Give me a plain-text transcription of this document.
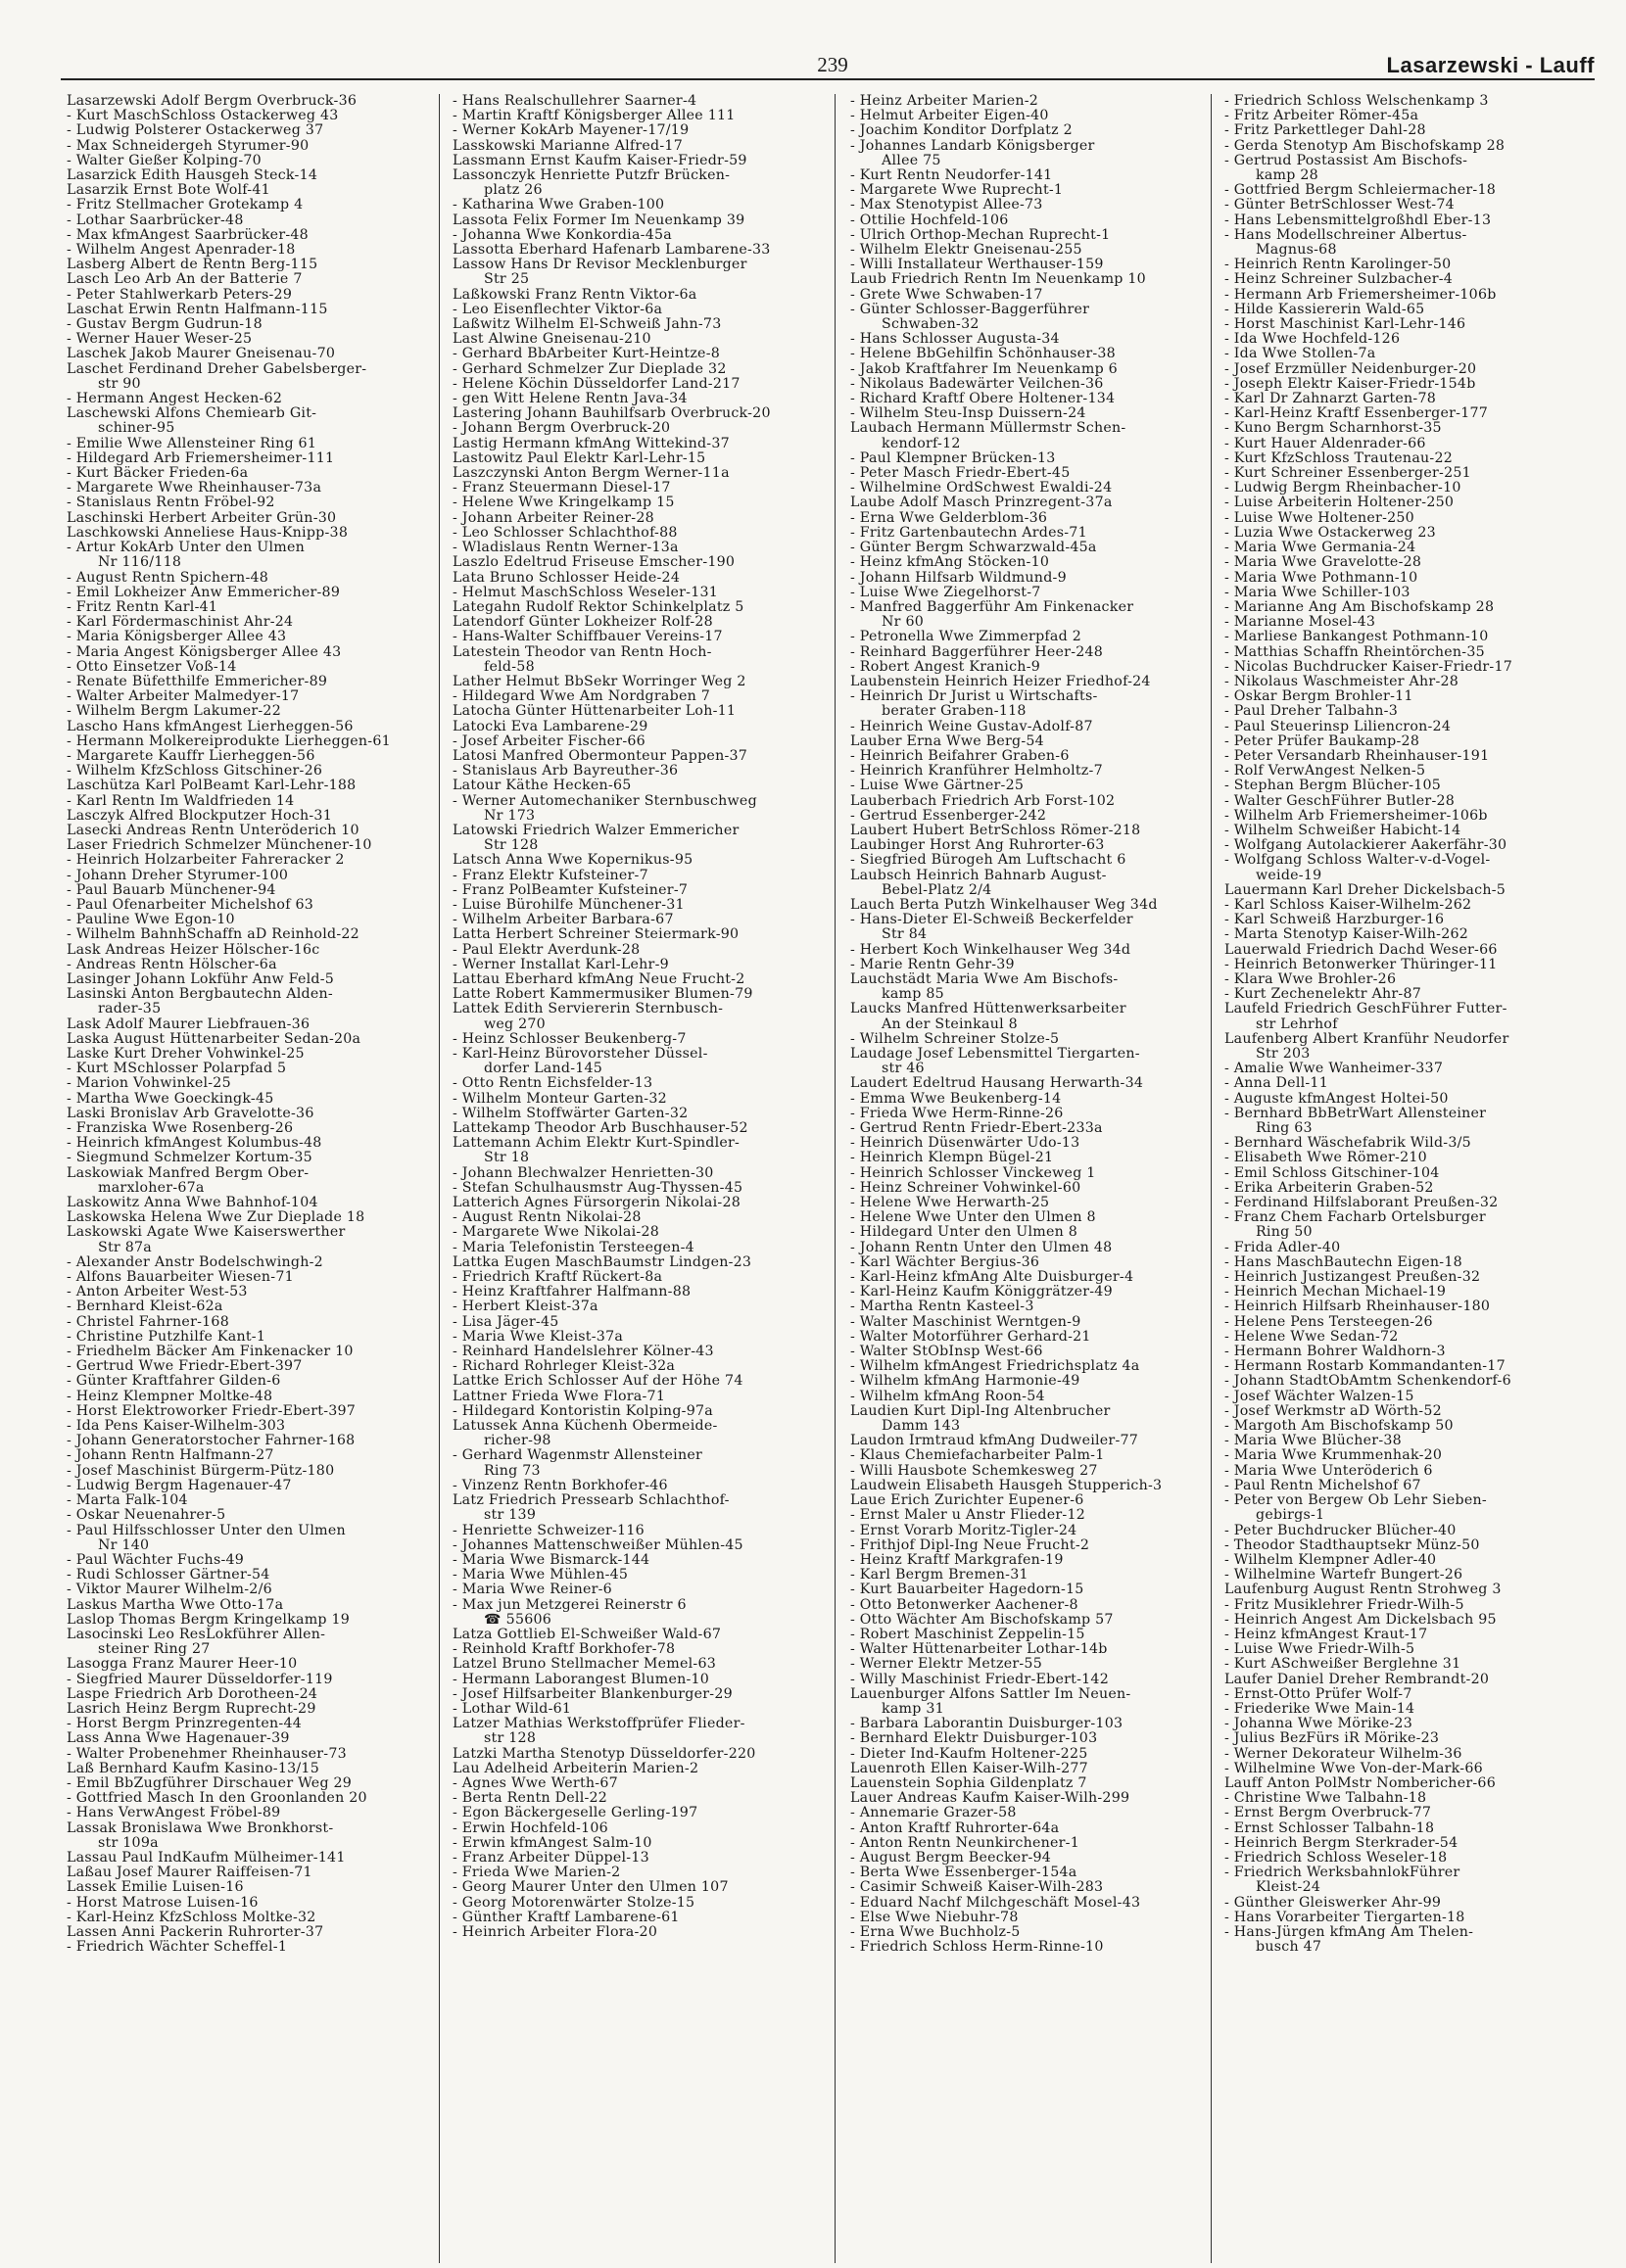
239	Lasarzewski - Lauff
Lasarzewski Adolf Bergm Overbruck-36
- Kurt MaschSchloss Ostackerweg 43
- Ludwig Polsterer Ostackerweg 37
- Max Schneidergeh Styrumer-90
- Walter Gießer Kolping-70
Lasarzick Edith Hausgeh Steck-14
Lasarzik Ernst Bote Wolf-41
- Fritz Stellmacher Grotekamp 4
- Lothar Saarbrücker-48
- Max kfmAngest Saarbrücker-48
- Wilhelm Angest Apenrader-18
Lasberg Albert de Rentn Berg-115
Lasch Leo Arb An der Batterie 7
- Peter Stahlwerkarb Peters-29
Laschat Erwin Rentn Halfmann-115
- Gustav Bergm Gudrun-18
- Werner Hauer Weser-25
Laschek Jakob Maurer Gneisenau-70
Laschet Ferdinand Dreher Gabelsberger-
str 90
- Hermann Angest Hecken-62
Laschewski Alfons Chemiearb Git-
schiner-95
- Emilie Wwe Allensteiner Ring 61
- Hildegard Arb Friemersheimer-111
- Kurt Bäcker Frieden-6a
- Margarete Wwe Rheinhauser-73a
- Stanislaus Rentn Fröbel-92
Laschinski Herbert Arbeiter Grün-30
Laschkowski Anneliese Haus-Knipp-38
- Artur KokArb Unter den Ulmen
Nr 116/118
- August Rentn Spichern-48
- Emil Lokheizer Anw Emmericher-89
- Fritz Rentn Karl-41
- Karl Fördermaschinist Ahr-24
- Maria Königsberger Allee 43
- Maria Angest Königsberger Allee 43
- Otto Einsetzer Voß-14
- Renate Büfetthilfe Emmericher-89
- Walter Arbeiter Malmedyer-17
- Wilhelm Bergm Lakumer-22
Lascho Hans kfmAngest Lierheggen-56
- Hermann Molkereiprodukte Lierheggen-61
- Margarete Kauffr Lierheggen-56
- Wilhelm KfzSchloss Gitschiner-26
Laschütza Karl PolBeamt Karl-Lehr-188
- Karl Rentn Im Waldfrieden 14
Lasczyk Alfred Blockputzer Hoch-31
Lasecki Andreas Rentn Unteröderich 10
Laser Friedrich Schmelzer Münchener-10
- Heinrich Holzarbeiter Fahreracker 2
- Johann Dreher Styrumer-100
- Paul Bauarb Münchener-94
- Paul Ofenarbeiter Michelshof 63
- Pauline Wwe Egon-10
- Wilhelm BahnhSchaffn aD Reinhold-22
Lask Andreas Heizer Hölscher-16c
- Andreas Rentn Hölscher-6a
Lasinger Johann Lokführ Anw Feld-5
Lasinski Anton Bergbautechn Alden-
rader-35
Lask Adolf Maurer Liebfrauen-36
Laska August Hüttenarbeiter Sedan-20a
Laske Kurt Dreher Vohwinkel-25
- Kurt MSchlosser Polarpfad 5
- Marion Vohwinkel-25
- Martha Wwe Goeckingk-45
Laski Bronislav Arb Gravelotte-36
- Franziska Wwe Rosenberg-26
- Heinrich kfmAngest Kolumbus-48
- Siegmund Schmelzer Kortum-35
Laskowiak Manfred Bergm Ober-
marxloher-67a
Laskowitz Anna Wwe Bahnhof-104
Laskowska Helena Wwe Zur Dieplade 18
Laskowski Agate Wwe Kaiserswerther
Str 87a
- Alexander Anstr Bodelschwingh-2
- Alfons Bauarbeiter Wiesen-71
- Anton Arbeiter West-53
- Bernhard Kleist-62a
- Christel Fahrner-168
- Christine Putzhilfe Kant-1
- Friedhelm Bäcker Am Finkenacker 10
- Gertrud Wwe Friedr-Ebert-397
- Günter Kraftfahrer Gilden-6
- Heinz Klempner Moltke-48
- Horst Elektroworker Friedr-Ebert-397
- Ida Pens Kaiser-Wilhelm-303
- Johann Generatorstocher Fahrner-168
- Johann Rentn Halfmann-27
- Josef Maschinist Bürgerm-Pütz-180
- Ludwig Bergm Hagenauer-47
- Marta Falk-104
- Oskar Neuenahrer-5
- Paul Hilfsschlosser Unter den Ulmen
Nr 140
- Paul Wächter Fuchs-49
- Rudi Schlosser Gärtner-54
- Viktor Maurer Wilhelm-2/6
Laskus Martha Wwe Otto-17a
Laslop Thomas Bergm Kringelkamp 19
Lasocinski Leo ResLokführer Allen-
steiner Ring 27
Lasogga Franz Maurer Heer-10
- Siegfried Maurer Düsseldorfer-119
Laspe Friedrich Arb Dorotheen-24
Lasrich Heinz Bergm Ruprecht-29
- Horst Bergm Prinzregenten-44
Lass Anna Wwe Hagenauer-39
- Walter Probenehmer Rheinhauser-73
Laß Bernhard Kaufm Kasino-13/15
- Emil BbZugführer Dirschauer Weg 29
- Gottfried Masch In den Groonlanden 20
- Hans VerwAngest Fröbel-89
Lassak Bronislawa Wwe Bronkhorst-
str 109a
Lassau Paul IndKaufm Mülheimer-141
Laßau Josef Maurer Raiffeisen-71
Lassek Emilie Luisen-16
- Horst Matrose Luisen-16
- Karl-Heinz KfzSchloss Moltke-32
Lassen Anni Packerin Ruhrorter-37
- Friedrich Wächter Scheffel-1
- Hans Realschullehrer Saarner-4
- Martin Kraftf Königsberger Allee 111
- Werner KokArb Mayener-17/19
Lasskowski Marianne Alfred-17
Lassmann Ernst Kaufm Kaiser-Friedr-59
Lassonczyk Henriette Putzfr Brücken-
platz 26
- Katharina Wwe Graben-100
Lassota Felix Former Im Neuenkamp 39
- Johanna Wwe Konkordia-45a
Lassotta Eberhard Hafenarb Lambarene-33
Lassow Hans Dr Revisor Mecklenburger
Str 25
Laßkowski Franz Rentn Viktor-6a
- Leo Eisenflechter Viktor-6a
Laßwitz Wilhelm El-Schweiß Jahn-73
Last Alwine Gneisenau-210
- Gerhard BbArbeiter Kurt-Heintze-8
- Gerhard Schmelzer Zur Dieplade 32
- Helene Köchin Düsseldorfer Land-217
- gen Witt Helene Rentn Java-34
Lastering Johann Bauhilfsarb Overbruck-20
- Johann Bergm Overbruck-20
Lastig Hermann kfmAng Wittekind-37
Lastowitz Paul Elektr Karl-Lehr-15
Laszczynski Anton Bergm Werner-11a
- Franz Steuermann Diesel-17
- Helene Wwe Kringelkamp 15
- Johann Arbeiter Reiner-28
- Leo Schlosser Schlachthof-88
- Wladislaus Rentn Werner-13a
Laszlo Edeltrud Friseuse Emscher-190
Lata Bruno Schlosser Heide-24
- Helmut MaschSchloss Weseler-131
Lategahn Rudolf Rektor Schinkelplatz 5
Latendorf Günter Lokheizer Rolf-28
- Hans-Walter Schiffbauer Vereins-17
Latestein Theodor van Rentn Hoch-
feld-58
Lather Helmut BbSekr Worringer Weg 2
- Hildegard Wwe Am Nordgraben 7
Latocha Günter Hüttenarbeiter Loh-11
Latocki Eva Lambarene-29
- Josef Arbeiter Fischer-66
Latosi Manfred Obermonteur Pappen-37
- Stanislaus Arb Bayreuther-36
Latour Käthe Hecken-65
- Werner Automechaniker Sternbuschweg
Nr 173
Latowski Friedrich Walzer Emmericher
Str 128
Latsch Anna Wwe Kopernikus-95
- Franz Elektr Kufsteiner-7
- Franz PolBeamter Kufsteiner-7
- Luise Bürohilfe Münchener-31
- Wilhelm Arbeiter Barbara-67
Latta Herbert Schreiner Steiermark-90
- Paul Elektr Averdunk-28
- Werner Installat Karl-Lehr-9
Lattau Eberhard kfmAng Neue Frucht-2
Latte Robert Kammermusiker Blumen-79
Lattek Edith Serviererin Sternbusch-
weg 270
- Heinz Schlosser Beukenberg-7
- Karl-Heinz Bürovorsteher Düssel-
dorfer Land-145
- Otto Rentn Eichsfelder-13
- Wilhelm Monteur Garten-32
- Wilhelm Stoffwärter Garten-32
Lattekamp Theodor Arb Buschhauser-52
Lattemann Achim Elektr Kurt-Spindler-
Str 18
- Johann Blechwalzer Henrietten-30
- Stefan Schulhausmstr Aug-Thyssen-45
Latterich Agnes Fürsorgerin Nikolai-28
- August Rentn Nikolai-28
- Margarete Wwe Nikolai-28
- Maria Telefonistin Tersteegen-4
Lattka Eugen MaschBaumstr Lindgen-23
- Friedrich Kraftf Rückert-8a
- Heinz Kraftfahrer Halfmann-88
- Herbert Kleist-37a
- Lisa Jäger-45
- Maria Wwe Kleist-37a
- Reinhard Handelslehrer Kölner-43
- Richard Rohrleger Kleist-32a
Lattke Erich Schlosser Auf der Höhe 74
Lattner Frieda Wwe Flora-71
- Hildegard Kontoristin Kolping-97a
Latussek Anna Küchenh Obermeide-
richer-98
- Gerhard Wagenmstr Allensteiner
Ring 73
- Vinzenz Rentn Borkhofer-46
Latz Friedrich Pressearb Schlachthof-
str 139
- Henriette Schweizer-116
- Johannes Mattenschweißer Mühlen-45
- Maria Wwe Bismarck-144
- Maria Wwe Mühlen-45
- Maria Wwe Reiner-6
- Max jun Metzgerei Reinerstr 6
☎ 55606
Latza Gottlieb El-Schweißer Wald-67
- Reinhold Kraftf Borkhofer-78
Latzel Bruno Stellmacher Memel-63
- Hermann Laborangest Blumen-10
- Josef Hilfsarbeiter Blankenburger-29
- Lothar Wild-61
Latzer Mathias Werkstoffprüfer Flieder-
str 128
Latzki Martha Stenotyp Düsseldorfer-220
Lau Adelheid Arbeiterin Marien-2
- Agnes Wwe Werth-67
- Berta Rentn Dell-22
- Egon Bäckergeselle Gerling-197
- Erwin Hochfeld-106
- Erwin kfmAngest Salm-10
- Franz Arbeiter Düppel-13
- Frieda Wwe Marien-2
- Georg Maurer Unter den Ulmen 107
- Georg Motorenwärter Stolze-15
- Günther Kraftf Lambarene-61
- Heinrich Arbeiter Flora-20
- Heinz Arbeiter Marien-2
- Helmut Arbeiter Eigen-40
- Joachim Konditor Dorfplatz 2
- Johannes Landarb Königsberger
Allee 75
- Kurt Rentn Neudorfer-141
- Margarete Wwe Ruprecht-1
- Max Stenotypist Allee-73
- Ottilie Hochfeld-106
- Ulrich Orthop-Mechan Ruprecht-1
- Wilhelm Elektr Gneisenau-255
- Willi Installateur Werthauser-159
Laub Friedrich Rentn Im Neuenkamp 10
- Grete Wwe Schwaben-17
- Günter Schlosser-Baggerführer
Schwaben-32
- Hans Schlosser Augusta-34
- Helene BbGehilfin Schönhauser-38
- Jakob Kraftfahrer Im Neuenkamp 6
- Nikolaus Badewärter Veilchen-36
- Richard Kraftf Obere Holtener-134
- Wilhelm Steu-Insp Duissern-24
Laubach Hermann Müllermstr Schen-
kendorf-12
- Paul Klempner Brücken-13
- Peter Masch Friedr-Ebert-45
- Wilhelmine OrdSchwest Ewaldi-24
Laube Adolf Masch Prinzregent-37a
- Erna Wwe Gelderblom-36
- Fritz Gartenbautechn Ardes-71
- Günter Bergm Schwarzwald-45a
- Heinz kfmAng Stöcken-10
- Johann Hilfsarb Wildmund-9
- Luise Wwe Ziegelhorst-7
- Manfred Baggerführ Am Finkenacker
Nr 60
- Petronella Wwe Zimmerpfad 2
- Reinhard Baggerführer Heer-248
- Robert Angest Kranich-9
Laubenstein Heinrich Heizer Friedhof-24
- Heinrich Dr Jurist u Wirtschafts-
berater Graben-118
- Heinrich Weine Gustav-Adolf-87
Lauber Erna Wwe Berg-54
- Heinrich Beifahrer Graben-6
- Heinrich Kranführer Helmholtz-7
- Luise Wwe Gärtner-25
Lauberbach Friedrich Arb Forst-102
- Gertrud Essenberger-242
Laubert Hubert BetrSchloss Römer-218
Laubinger Horst Ang Ruhrorter-63
- Siegfried Bürogeh Am Luftschacht 6
Laubsch Heinrich Bahnarb August-
Bebel-Platz 2/4
Lauch Berta Putzh Winkelhauser Weg 34d
- Hans-Dieter El-Schweiß Beckerfelder
Str 84
- Herbert Koch Winkelhauser Weg 34d
- Marie Rentn Gehr-39
Lauchstädt Maria Wwe Am Bischofs-
kamp 85
Laucks Manfred Hüttenwerksarbeiter
An der Steinkaul 8
- Wilhelm Schreiner Stolze-5
Laudage Josef Lebensmittel Tiergarten-
str 46
Laudert Edeltrud Hausang Herwarth-34
- Emma Wwe Beukenberg-14
- Frieda Wwe Herm-Rinne-26
- Gertrud Rentn Friedr-Ebert-233a
- Heinrich Düsenwärter Udo-13
- Heinrich Klempn Bügel-21
- Heinrich Schlosser Vinckeweg 1
- Heinz Schreiner Vohwinkel-60
- Helene Wwe Herwarth-25
- Helene Wwe Unter den Ulmen 8
- Hildegard Unter den Ulmen 8
- Johann Rentn Unter den Ulmen 48
- Karl Wächter Bergius-36
- Karl-Heinz kfmAng Alte Duisburger-4
- Karl-Heinz Kaufm Königgrätzer-49
- Martha Rentn Kasteel-3
- Walter Maschinist Werntgen-9
- Walter Motorführer Gerhard-21
- Walter StObInsp West-66
- Wilhelm kfmAngest Friedrichsplatz 4a
- Wilhelm kfmAng Harmonie-49
- Wilhelm kfmAng Roon-54
Laudien Kurt Dipl-Ing Altenbrucher
Damm 143
Laudon Irmtraud kfmAng Dudweiler-77
- Klaus Chemiefacharbeiter Palm-1
- Willi Hausbote Schemkesweg 27
Laudwein Elisabeth Hausgeh Stupperich-3
Laue Erich Zurichter Eupener-6
- Ernst Maler u Anstr Flieder-12
- Ernst Vorarb Moritz-Tigler-24
- Frithjof Dipl-Ing Neue Frucht-2
- Heinz Kraftf Markgrafen-19
- Karl Bergm Bremen-31
- Kurt Bauarbeiter Hagedorn-15
- Otto Betonwerker Aachener-8
- Otto Wächter Am Bischofskamp 57
- Robert Maschinist Zeppelin-15
- Walter Hüttenarbeiter Lothar-14b
- Werner Elektr Metzer-55
- Willy Maschinist Friedr-Ebert-142
Lauenburger Alfons Sattler Im Neuen-
kamp 31
- Barbara Laborantin Duisburger-103
- Bernhard Elektr Duisburger-103
- Dieter Ind-Kaufm Holtener-225
Lauenroth Ellen Kaiser-Wilh-277
Lauenstein Sophia Gildenplatz 7
Lauer Andreas Kaufm Kaiser-Wilh-299
- Annemarie Grazer-58
- Anton Kraftf Ruhrorter-64a
- Anton Rentn Neunkirchener-1
- August Bergm Beecker-94
- Berta Wwe Essenberger-154a
- Casimir Schweiß Kaiser-Wilh-283
- Eduard Nachf Milchgeschäft Mosel-43
- Else Wwe Niebuhr-78
- Erna Wwe Buchholz-5
- Friedrich Schloss Herm-Rinne-10
- Friedrich Schloss Welschenkamp 3
- Fritz Arbeiter Römer-45a
- Fritz Parkettleger Dahl-28
- Gerda Stenotyp Am Bischofskamp 28
- Gertrud Postassist Am Bischofs-
kamp 28
- Gottfried Bergm Schleiermacher-18
- Günter BetrSchlosser West-74
- Hans Lebensmittelgroßhdl Eber-13
- Hans Modellschreiner Albertus-
Magnus-68
- Heinrich Rentn Karolinger-50
- Heinz Schreiner Sulzbacher-4
- Hermann Arb Friemersheimer-106b
- Hilde Kassiererin Wald-65
- Horst Maschinist Karl-Lehr-146
- Ida Wwe Hochfeld-126
- Ida Wwe Stollen-7a
- Josef Erzmüller Neidenburger-20
- Joseph Elektr Kaiser-Friedr-154b
- Karl Dr Zahnarzt Garten-78
- Karl-Heinz Kraftf Essenberger-177
- Kuno Bergm Scharnhorst-35
- Kurt Hauer Aldenrader-66
- Kurt KfzSchloss Trautenau-22
- Kurt Schreiner Essenberger-251
- Ludwig Bergm Rheinbacher-10
- Luise Arbeiterin Holtener-250
- Luise Wwe Holtener-250
- Luzia Wwe Ostackerweg 23
- Maria Wwe Germania-24
- Maria Wwe Gravelotte-28
- Maria Wwe Pothmann-10
- Maria Wwe Schiller-103
- Marianne Ang Am Bischofskamp 28
- Marianne Mosel-43
- Marliese Bankangest Pothmann-10
- Matthias Schaffn Rheintörchen-35
- Nicolas Buchdrucker Kaiser-Friedr-17
- Nikolaus Waschmeister Ahr-28
- Oskar Bergm Brohler-11
- Paul Dreher Talbahn-3
- Paul Steuerinsp Liliencron-24
- Peter Prüfer Baukamp-28
- Peter Versandarb Rheinhauser-191
- Rolf VerwAngest Nelken-5
- Stephan Bergm Blücher-105
- Walter GeschFührer Butler-28
- Wilhelm Arb Friemersheimer-106b
- Wilhelm Schweißer Habicht-14
- Wolfgang Autolackierer Aakerfähr-30
- Wolfgang Schloss Walter-v-d-Vogel-
weide-19
Lauermann Karl Dreher Dickelsbach-5
- Karl Schloss Kaiser-Wilhelm-262
- Karl Schweiß Harzburger-16
- Marta Stenotyp Kaiser-Wilh-262
Lauerwald Friedrich Dachd Weser-66
- Heinrich Betonwerker Thüringer-11
- Klara Wwe Brohler-26
- Kurt Zechenelektr Ahr-87
Laufeld Friedrich GeschFührer Futter-
str Lehrhof
Laufenberg Albert Kranführ Neudorfer
Str 203
- Amalie Wwe Wanheimer-337
- Anna Dell-11
- Auguste kfmAngest Holtei-50
- Bernhard BbBetrWart Allensteiner
Ring 63
- Bernhard Wäschefabrik Wild-3/5
- Elisabeth Wwe Römer-210
- Emil Schloss Gitschiner-104
- Erika Arbeiterin Graben-52
- Ferdinand Hilfslaborant Preußen-32
- Franz Chem Facharb Ortelsburger
Ring 50
- Frida Adler-40
- Hans MaschBautechn Eigen-18
- Heinrich Justizangest Preußen-32
- Heinrich Mechan Michael-19
- Heinrich Hilfsarb Rheinhauser-180
- Helene Pens Tersteegen-26
- Helene Wwe Sedan-72
- Hermann Bohrer Waldhorn-3
- Hermann Rostarb Kommandanten-17
- Johann StadtObAmtm Schenkendorf-6
- Josef Wächter Walzen-15
- Josef Werkmstr aD Wörth-52
- Margoth Am Bischofskamp 50
- Maria Wwe Blücher-38
- Maria Wwe Krummenhak-20
- Maria Wwe Unteröderich 6
- Paul Rentn Michelshof 67
- Peter von Bergew Ob Lehr Sieben-
gebirgs-1
- Peter Buchdrucker Blücher-40
- Theodor Stadthauptsekr Münz-50
- Wilhelm Klempner Adler-40
- Wilhelmine Wartefr Bungert-26
Laufenburg August Rentn Strohweg 3
- Fritz Musiklehrer Friedr-Wilh-5
- Heinrich Angest Am Dickelsbach 95
- Heinz kfmAngest Kraut-17
- Luise Wwe Friedr-Wilh-5
- Kurt ASchweißer Berglehne 31
Laufer Daniel Dreher Rembrandt-20
- Ernst-Otto Prüfer Wolf-7
- Friederike Wwe Main-14
- Johanna Wwe Mörike-23
- Julius BezFürs iR Mörike-23
- Werner Dekorateur Wilhelm-36
- Wilhelmine Wwe Von-der-Mark-66
Lauff Anton PolMstr Nombericher-66
- Christine Wwe Talbahn-18
- Ernst Bergm Overbruck-77
- Ernst Schlosser Talbahn-18
- Heinrich Bergm Sterkrader-54
- Friedrich Schloss Weseler-18
- Friedrich WerksbahnlokFührer
Kleist-24
- Günther Gleiswerker Ahr-99
- Hans Vorarbeiter Tiergarten-18
- Hans-Jürgen kfmAng Am Thelen-
busch 47
